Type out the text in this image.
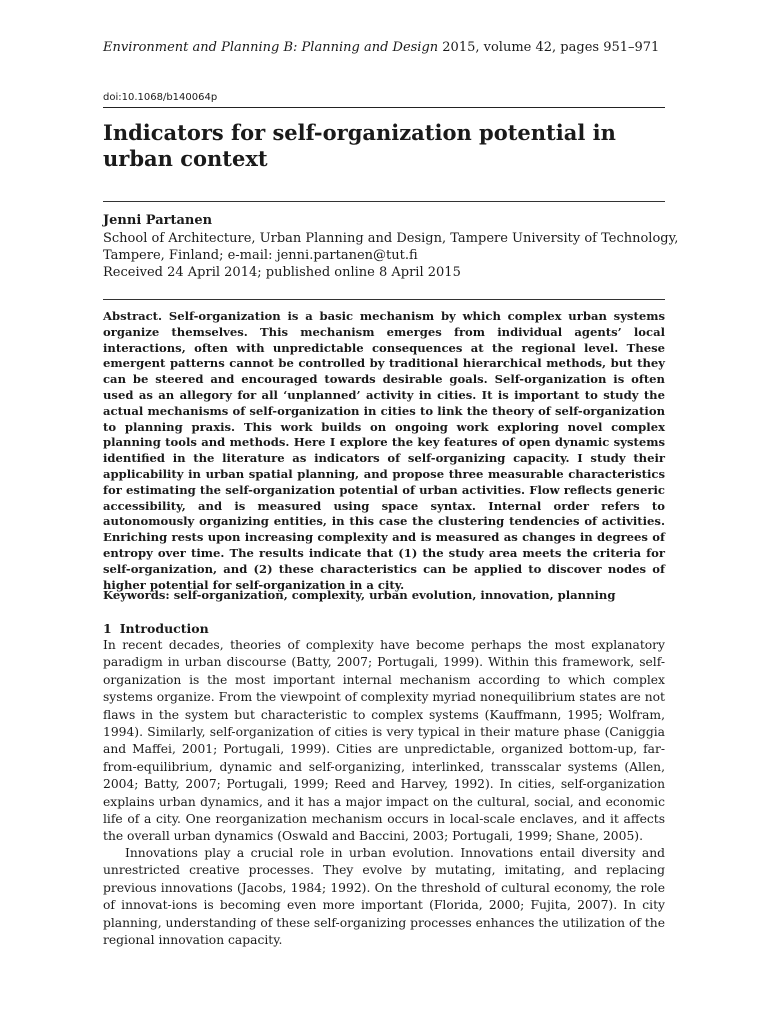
Environment and Planning B: Planning and Design 2015, volume 42, pages 951–971
doi:10.1068/b140064p
Indicators for self-organization potential in urban context
Jenni Partanen
School of Architecture, Urban Planning and Design, Tampere University of Technology,
Tampere, Finland; e-mail: jenni.partanen@tut.fi
Received 24 April 2014; published online 8 April 2015

Abstract. Self-organization is a basic mechanism by which complex urban systems organize themselves. This mechanism emerges from individual agents’ local interactions, often with unpredictable consequences at the regional level. These emergent patterns cannot be controlled by traditional hierarchical methods, but they can be steered and encouraged towards desirable goals. Self-organization is often used as an allegory for all ‘unplanned’ activity in cities. It is important to study the actual mechanisms of self-organization in cities to link the theory of self-organization to planning praxis. This work builds on ongoing work exploring novel complex planning tools and methods. Here I explore the key features of open dynamic systems identified in the literature as indicators of self-organizing capacity. I study their applicability in urban spatial planning, and propose three measurable characteristics for estimating the self-organization potential of urban activities. Flow reflects generic accessibility, and is measured using space syntax. Internal order refers to autonomously organizing entities, in this case the clustering tendencies of activities. Enriching rests upon increasing complexity and is measured as changes in degrees of entropy over time. The results indicate that (1) the study area meets the criteria for self-organization, and (2) these characteristics can be applied to discover nodes of higher potential for self-organization in a city.

Keywords: self-organization, complexity, urban evolution, innovation, planning
1 Introduction

In recent decades, theories of complexity have become perhaps the most explanatory paradigm in urban discourse (Batty, 2007; Portugali, 1999). Within this framework, self-organization is the most important internal mechanism according to which complex systems organize. From the viewpoint of complexity myriad nonequilibrium states are not flaws in the system but characteristic to complex systems (Kauffmann, 1995; Wolfram, 1994). Similarly, self-organization of cities is very typical in their mature phase (Caniggia and Maffei, 2001; Portugali, 1999). Cities are unpredictable, organized bottom-up, far-from-equilibrium, dynamic and self-organizing, interlinked, transscalar systems (Allen, 2004; Batty, 2007; Portugali, 1999; Reed and Harvey, 1992). In cities, self-organization explains urban dynamics, and it has a major impact on the cultural, social, and economic life of a city. One reorganization mechanism occurs in local-scale enclaves, and it affects the overall urban dynamics (Oswald and Baccini, 2003; Portugali, 1999; Shane, 2005).

Innovations play a crucial role in urban evolution. Innovations entail diversity and unrestricted creative processes. They evolve by mutating, imitating, and replacing previous innovations (Jacobs, 1984; 1992). On the threshold of cultural economy, the role of innovat-ions is becoming even more important (Florida, 2000; Fujita, 2007). In city planning, understanding of these self-organizing processes enhances the utilization of the regional innovation capacity.
